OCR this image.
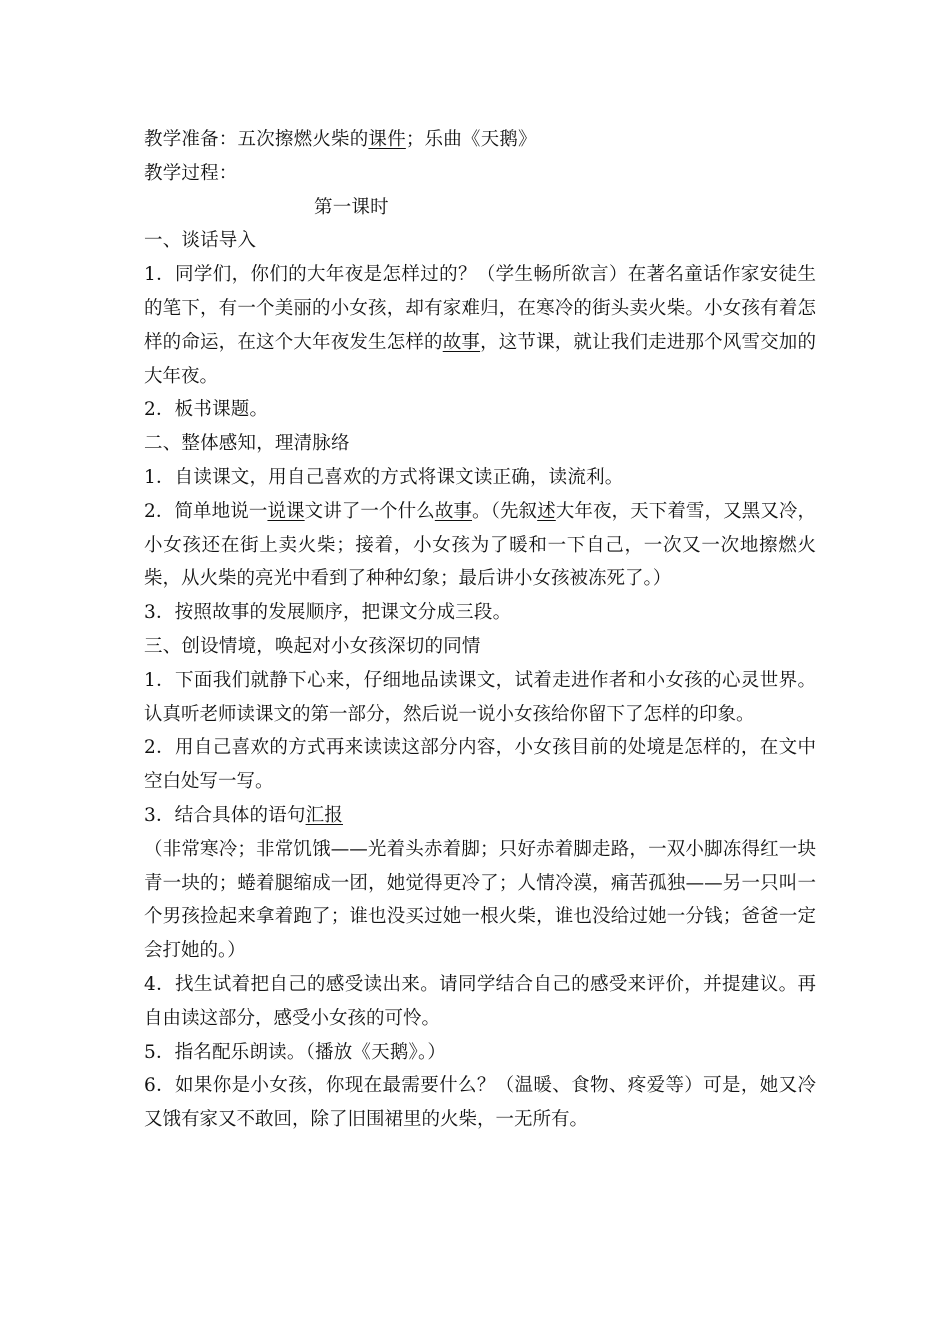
教学准备：五次擦燃火柴的课件；乐曲《天鹅》
教学过程：
第一课时
一、谈话导入
1．同学们，你们的大年夜是怎样过的？（学生畅所欲言）在著名童话作家安徒生的笔下，有一个美丽的小女孩，却有家难归，在寒冷的街头卖火柴。小女孩有着怎样的命运，在这个大年夜发生怎样的故事，这节课，就让我们走进那个风雪交加的大年夜。
2．板书课题。
二、整体感知，理清脉络
1．自读课文，用自己喜欢的方式将课文读正确，读流利。
2．简单地说一说课文讲了一个什么故事。（先叙述大年夜，天下着雪，又黑又冷，小女孩还在街上卖火柴；接着，小女孩为了暖和一下自己，一次又一次地擦燃火柴，从火柴的亮光中看到了种种幻象；最后讲小女孩被冻死了。）
3．按照故事的发展顺序，把课文分成三段。
三、创设情境，唤起对小女孩深切的同情
1．下面我们就静下心来，仔细地品读课文，试着走进作者和小女孩的心灵世界。认真听老师读课文的第一部分，然后说一说小女孩给你留下了怎样的印象。
2．用自己喜欢的方式再来读读这部分内容，小女孩目前的处境是怎样的，在文中空白处写一写。
3．结合具体的语句汇报
（非常寒冷；非常饥饿——光着头赤着脚；只好赤着脚走路，一双小脚冻得红一块青一块的；蜷着腿缩成一团，她觉得更冷了；人情冷漠，痛苦孤独——另一只叫一个男孩捡起来拿着跑了；谁也没买过她一根火柴，谁也没给过她一分钱；爸爸一定会打她的。）
4．找生试着把自己的感受读出来。请同学结合自己的感受来评价，并提建议。再自由读这部分，感受小女孩的可怜。
5．指名配乐朗读。（播放《天鹅》。）
6．如果你是小女孩，你现在最需要什么？（温暖、食物、疼爱等）可是，她又冷又饿有家又不敢回，除了旧围裙里的火柴，一无所有。
